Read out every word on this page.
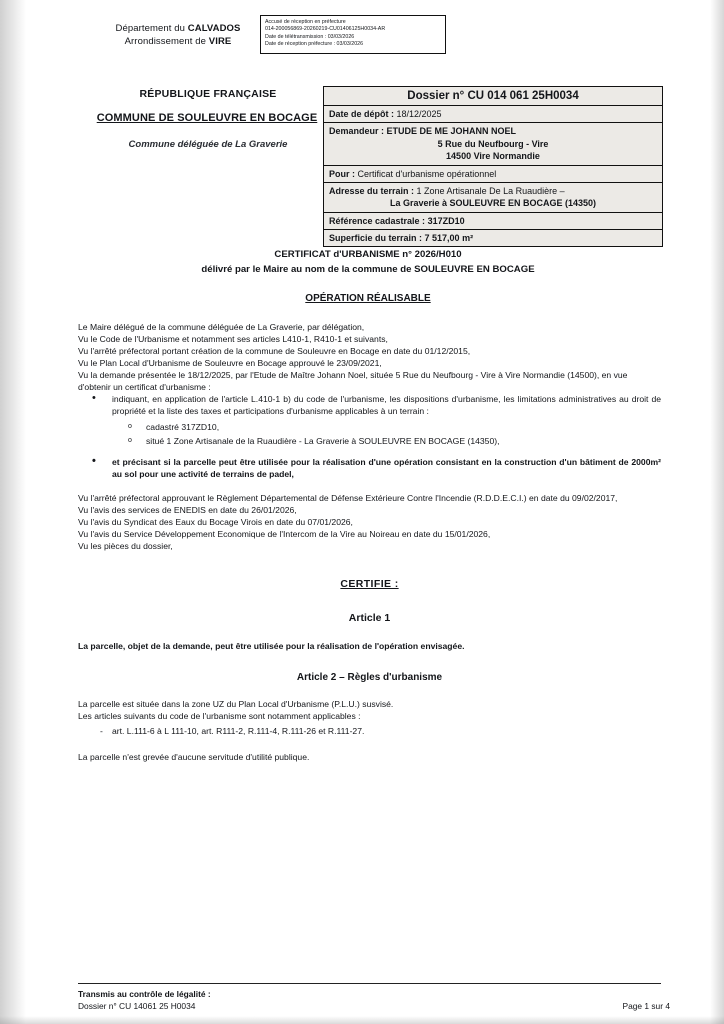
Département du CALVADOS
Arrondissement de VIRE
Accusé de réception en préfecture
014-200056869-20260219-CU01406125H0034-AR
Date de télétransmission : 03/03/2026
Date de réception préfecture : 03/03/2026
RÉPUBLIQUE FRANÇAISE
COMMUNE DE SOULEUVRE EN BOCAGE
Commune déléguée de La Graverie
Dossier n° CU 014 061 25H0034
Date de dépôt : 18/12/2025
Demandeur : ETUDE DE ME JOHANN NOEL
5 Rue du Neufbourg - Vire
14500 Vire Normandie
Pour : Certificat d'urbanisme opérationnel
Adresse du terrain : 1 Zone Artisanale De La Ruaudière –
La Graverie à SOULEUVRE EN BOCAGE (14350)
Référence cadastrale : 317ZD10
Superficie du terrain : 7 517,00 m²
CERTIFICAT d'URBANISME n° 2026/H010
délivré par le Maire au nom de la commune de SOULEUVRE EN BOCAGE
OPÉRATION RÉALISABLE

Le Maire délégué de la commune déléguée de La Graverie, par délégation,

Vu le Code de l'Urbanisme et notamment ses articles L410-1, R410-1 et suivants,

Vu l'arrêté préfectoral portant création de la commune de Souleuvre en Bocage en date du 01/12/2015,

Vu le Plan Local d'Urbanisme de Souleuvre en Bocage approuvé le 23/09/2021,

Vu la demande présentée le 18/12/2025, par l'Etude de Maître Johann Noel, située 5 Rue du Neufbourg - Vire à Vire Normandie (14500), en vue d'obtenir un certificat d'urbanisme :

• indiquant, en application de l'article L.410-1 b) du code de l'urbanisme, les dispositions d'urbanisme, les limitations administratives au droit de propriété et la liste des taxes et participations d'urbanisme applicables à un terrain :
o cadastré 317ZD10,
o situé 1 Zone Artisanale de la Ruaudière - La Graverie à SOULEUVRE EN BOCAGE (14350),
• et précisant si la parcelle peut être utilisée pour la réalisation d'une opération consistant en la construction d'un bâtiment de 2000m² au sol pour une activité de terrains de padel,

Vu l'arrêté préfectoral approuvant le Règlement Départemental de Défense Extérieure Contre l'Incendie (R.D.D.E.C.I.) en date du 09/02/2017,

Vu l'avis des services de ENEDIS en date du 26/01/2026,

Vu l'avis du Syndicat des Eaux du Bocage Virois en date du 07/01/2026,

Vu l'avis du Service Développement Economique de l'Intercom de la Vire au Noireau en date du 15/01/2026,

Vu les pièces du dossier,

CERTIFIE :
Article 1

La parcelle, objet de la demande, peut être utilisée pour la réalisation de l'opération envisagée.

Article 2 – Règles d'urbanisme

La parcelle est située dans la zone UZ du Plan Local d'Urbanisme (P.L.U.) susvisé.

Les articles suivants du code de l'urbanisme sont notamment applicables :

- art. L.111-6 à L 111-10, art. R111-2, R.111-4, R.111-26 et R.111-27.

La parcelle n'est grevée d'aucune servitude d'utilité publique.

Transmis au contrôle de légalité :
Dossier n° CU 14061 25 H0034	Page 1 sur 4
